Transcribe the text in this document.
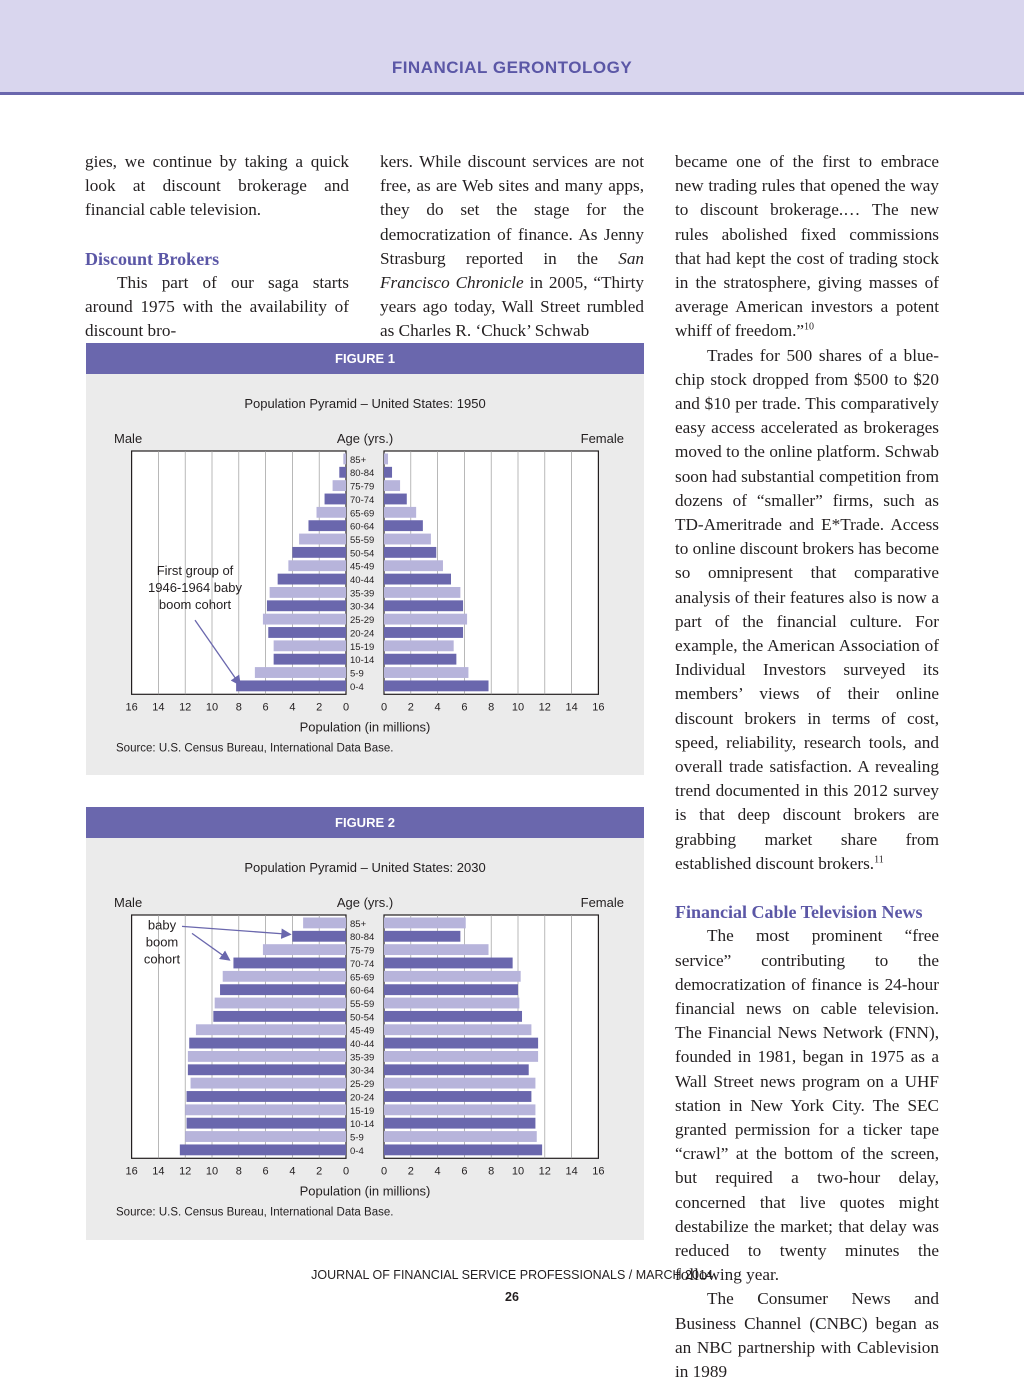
FINANCIAL GERONTOLOGY

gies, we continue by taking a quick look at discount brokerage and financial cable television.

Discount Brokers

This part of our saga starts around 1975 with the availability of discount bro-

kers. While discount services are not free, as are Web sites and many apps, they do set the stage for the democratization of finance. As Jenny Strasburg reported in the San Francisco Chronicle in 2005, “Thirty years ago today, Wall Street rumbled as Charles R. ‘Chuck’ Schwab

became one of the first to embrace new trading rules that opened the way to discount brokerage.… The new rules abolished fixed commissions that had kept the cost of trading stock in the stratosphere, giving masses of average American investors a potent whiff of freedom.”$^{10}$

Trades for 500 shares of a blue-chip stock dropped from $500 to $20 and $10 per trade. This comparatively easy access accelerated as brokerages moved to the online platform. Schwab soon had substantial competition from dozens of “smaller” firms, such as TD-Ameritrade and E*Trade. Access to online discount brokers has become so omnipresent that comparative analysis of their features also is now a part of the financial culture. For example, the American Association of Individual Investors surveyed its members’ views of their online discount brokers in terms of cost, speed, reliability, research tools, and overall trade satisfaction. A revealing trend documented in this 2012 survey is that deep discount brokers are grabbing market share from established discount brokers.$^{11}$

Financial Cable Television News

The most prominent “free service” contributing to the democratization of finance is 24-hour financial news on cable television. The Financial News Network (FNN), founded in 1981, began in 1975 as a Wall Street news program on a UHF station in New York City. The SEC granted permission for a ticker tape “crawl” at the bottom of the screen, but required a two-hour delay, concerned that live quotes might destabilize the market; that delay was reduced to twenty minutes the following year.

The Consumer News and Business Channel (CNBC) began as an NBC partnership with Cablevision in 1989

FIGURE 1
Population Pyramid – United States: 1950
Male	Age (yrs.)	Female
85+
80-84
75-79
70-74
65-69
60-64
55-59
50-54
45-49
40-44
35-39
30-34
25-29
20-24
15-19
10-14
5-9
0-4
16 14 12 10 8 6 4 2 0	0 2 4 6 8 10 12 14 16
Population (in millions)
Source: U.S. Census Bureau, International Data Base.
First group of 1946-1964 baby boom cohort
FIGURE 2
Population Pyramid – United States: 2030
Male	Age (yrs.)	Female
85+
80-84
75-79
70-74
65-69
60-64
55-59
50-54
45-49
40-44
35-39
30-34
25-29
20-24
15-19
10-14
5-9
0-4
16 14 12 10 8 6 4 2 0	0 2 4 6 8 10 12 14 16
Population (in millions)
Source: U.S. Census Bureau, International Data Base.
baby boom cohort
JOURNAL OF FINANCIAL SERVICE PROFESSIONALS / MARCH 2014
26
